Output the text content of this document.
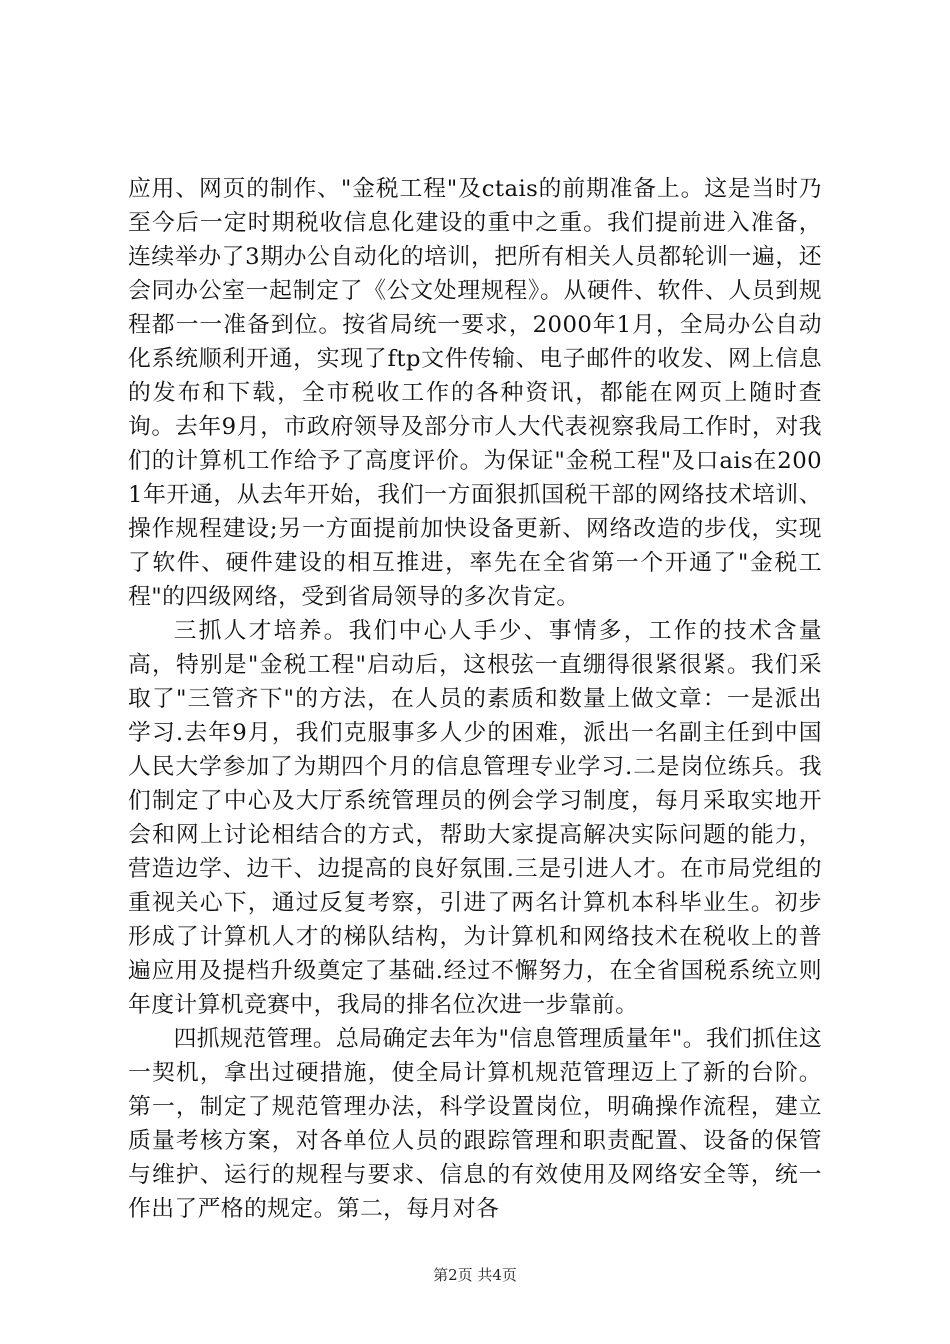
应用、网页的制作、"金税工程"及ctais的前期准备上。这是当时乃至今后一定时期税收信息化建设的重中之重。我们提前进入准备，连续举办了3期办公自动化的培训，把所有相关人员都轮训一遍，还会同办公室一起制定了《公文处理规程》。从硬件、软件、人员到规程都一一准备到位。按省局统一要求，2000年1月，全局办公自动化系统顺利开通，实现了ftp文件传输、电子邮件的收发、网上信息的发布和下载，全市税收工作的各种资讯，都能在网页上随时查询。去年9月，市政府领导及部分市人大代表视察我局工作时，对我们的计算机工作给予了高度评价。为保证"金税工程"及口ais在2001年开通，从去年开始，我们一方面狠抓国税干部的网络技术培训、操作规程建设;另一方面提前加快设备更新、网络改造的步伐，实现了软件、硬件建设的相互推进，率先在全省第一个开通了"金税工程"的四级网络，受到省局领导的多次肯定。

三抓人才培养。我们中心人手少、事情多，工作的技术含量高，特别是"金税工程"启动后，这根弦一直绷得很紧很紧。我们采取了"三管齐下"的方法，在人员的素质和数量上做文章：一是派出学习.去年9月，我们克服事多人少的困难，派出一名副主任到中国人民大学参加了为期四个月的信息管理专业学习.二是岗位练兵。我们制定了中心及大厅系统管理员的例会学习制度，每月采取实地开会和网上讨论相结合的方式，帮助大家提高解决实际问题的能力，营造边学、边干、边提高的良好氛围.三是引进人才。在市局党组的重视关心下，通过反复考察，引进了两名计算机本科毕业生。初步形成了计算机人才的梯队结构，为计算机和网络技术在税收上的普遍应用及提档升级奠定了基础.经过不懈努力，在全省国税系统立则年度计算机竞赛中，我局的排名位次进一步靠前。

四抓规范管理。总局确定去年为"信息管理质量年"。我们抓住这一契机，拿出过硬措施，使全局计算机规范管理迈上了新的台阶。第一，制定了规范管理办法，科学设置岗位，明确操作流程，建立质量考核方案，对各单位人员的跟踪管理和职责配置、设备的保管与维护、运行的规程与要求、信息的有效使用及网络安全等，统一作出了严格的规定。第二，每月对各

第2页 共4页
